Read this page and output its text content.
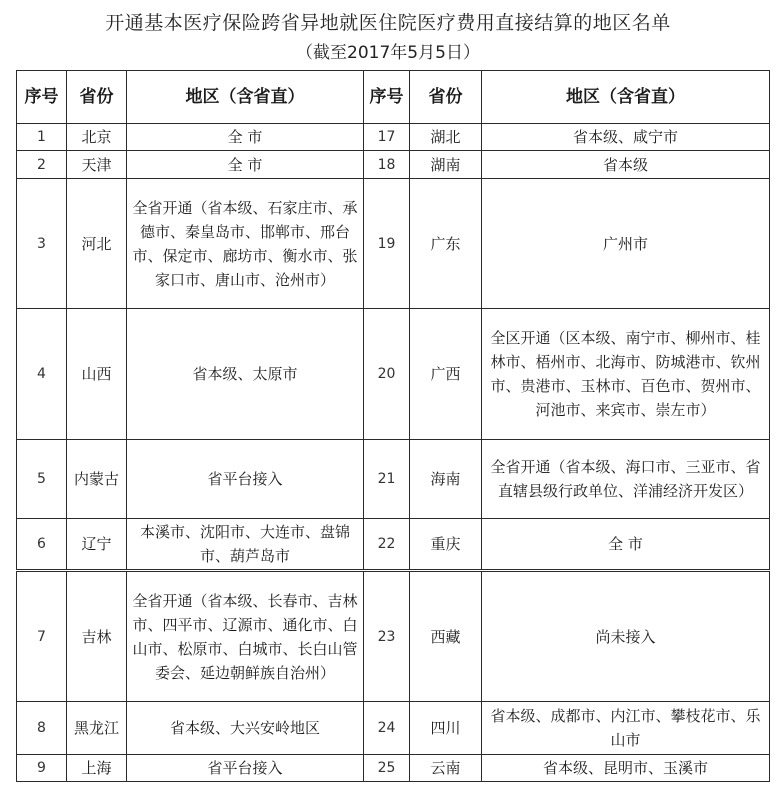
开通基本医疗保险跨省异地就医住院医疗费用直接结算的地区名单
（截至2017年5月5日）
序号	省份	地区（含省直）	序号	省份	地区（含省直）
1	北京	全 市	17	湖北	省本级、咸宁市
2	天津	全 市	18	湖南	省本级
3	河北	全省开通（省本级、石家庄市、承德市、秦皇岛市、邯郸市、邢台市、保定市、廊坊市、衡水市、张家口市、唐山市、沧州市）	19	广东	广州市
4	山西	省本级、太原市	20	广西	全区开通（区本级、南宁市、柳州市、桂林市、梧州市、北海市、防城港市、钦州市、贵港市、玉林市、百色市、贺州市、河池市、来宾市、崇左市）
5	内蒙古	省平台接入	21	海南	全省开通（省本级、海口市、三亚市、省直辖县级行政单位、洋浦经济开发区）
6	辽宁	本溪市、沈阳市、大连市、盘锦市、葫芦岛市	22	重庆	全 市
7	吉林	全省开通（省本级、长春市、吉林市、四平市、辽源市、通化市、白山市、松原市、白城市、长白山管委会、延边朝鲜族自治州）	23	西藏	尚未接入
8	黑龙江	省本级、大兴安岭地区	24	四川	省本级、成都市、内江市、攀枝花市、乐山市
9	上海	省平台接入	25	云南	省本级、昆明市、玉溪市
